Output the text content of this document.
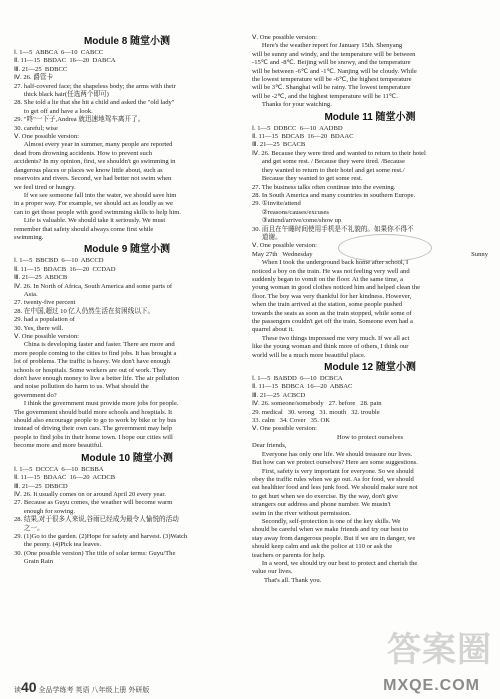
Module 8 随堂小测

Ⅰ. 1—5  ABBCA  6—10  CABCC

Ⅱ. 11—15  BBDAC  16—20  DABCA

Ⅲ. 21—25  BDBCC

Ⅳ. 26. 爵管卡

27. half-covered face; the shapeless body; the arms with their

thick black hair(任选两个即可)

28. She told a lie that she hit a child and asked the "old lady"

to get off and have a look.

29. "咚"一下子,Andrea 就迅速地驾车离开了。

30. careful; wise

Ⅴ. One possible version:

Almost every year in summer, many people are reported

dead from drowning accidents. How to prevent such

accidents? In my opinion, first, we shouldn't go swimming in

dangerous places or places we know little about, such as

reservoirs and rivers. Second, we had better not swim when

we feel tired or hungry.

If we see someone fall into the water, we should save him

in a proper way. For example, we should act as loudly as we

can to get those people with good swimming skills to help him.

Life is valuable. We should take it seriously. We must

remember that safety should always come first while

swimming.

Module 9 随堂小测

Ⅰ. 1—5  BBCBD  6—10  ABCCD

Ⅱ. 11—15  BDACB  16—20  CCDAD

Ⅲ. 21—25  ABDCB

Ⅳ. 26. In North of Africa, South America and some parts of

Asia.

27. twenty-five percent

28. 在中国,超过 10 亿人仍然生活在贫困线以下。

29. had a population of

30. Yes, there will.

Ⅴ. One possible version:

China is developing faster and faster. There are more and

more people coming to the cities to find jobs. It has brought a

lot of problems. The traffic is heavy. We don't have enough

schools or hospitals. Some workers are out of work. They

don't have enough money to live a better life. The air pollution

and noise pollution do harm to us. What should the

government do?

I think the government must provide more jobs for people.

The government should build more schools and hospitals. It

should also encourage people to go to work by bike or by bus

instead of driving their own cars. The government may help

people to find jobs in their home town. I hope our cities will

become more and more beautiful.

Module 10 随堂小测

Ⅰ. 1—5  DCCCA  6—10  BCBBA

Ⅱ. 11—15  BDAAC  16—20  ACDCB

Ⅲ. 21—25  DBBCD

Ⅳ. 26. It usually comes on or around April 20 every year.

27. Because as Guyu comes, the weather will become warm

enough for sowing.

28. 结果,对于很多人来说,谷雨已经成为最令人愉悦的活动

之一。

29. (1)Go to the garden. (2)Hope for safety and harvest. (3)Watch

the peony. (4)Pick tea leaves.

30. (One possible version) The title of solar terms: Guyu/The

Grain Rain

Ⅴ. One possible version:

Here's the weather report for January 15th. Shenyang

will be sunny and windy, and the temperature will be between

-15℃ and -8℃. Beijing will be snowy, and the temperature

will be between -6℃ and -1℃. Nanjing will be cloudy. While

the lowest temperature will be -6℃, the highest temperature

will be 3℃. Shanghai will be rainy. The lowest temperature

will be -2℃, and the highest temperature will be 11℃.

Thanks for your watching.

Module 11 随堂小测

Ⅰ. 1—5  DDBCC  6—10  AADBD

Ⅱ. 11—15  BDCAB  16—20  BDAAC

Ⅲ. 21—25  BCACB

Ⅳ. 26. Because they were tired and wanted to return to their hotel

and get some rest. / Because they were tired. /Because

they wanted to return to their hotel and get some rest./

Because they wanted to get some rest.

27. The business talks often continue into the evening.

28. In South America and many countries in southern Europe.

29. ①invite/attend

②reasons/causes/excuses

③attend/arrive/come/show up

30. 而且在午睡时间使用手机是不礼貌的。如果你不得不

道谢。

Sunny

Ⅴ. One possible version:

May 27th   Wednesday

When I took the underground back home after school, I

noticed a boy on the train. He was not feeling very well and

suddenly began to vomit on the floor. At the same time, a

young woman in good clothes noticed him and helped clean the

floor. The boy was very thankful for her kindness. However,

when the train arrived at the station, some people pushed

towards the seats as soon as the train stopped, while some of

the passengers couldn't get off the train. Someone even had a

quarrel about it.

These two things impressed me very much. If we all act

like the young woman and think more of others, I think our

world will be a much more beautiful place.

Module 12 随堂小测

Ⅰ. 1—5  BABDD  6—10  DCBCA

Ⅱ. 11—15  BDBCA  16—20  ABBAC

Ⅲ. 21—25  ACBCD

Ⅳ. 26. someone/somebody   27. before   28. pain

29. medical   30. wrong   31. mouth   32. trouble

33. calm   34. Cover   35. OK

Ⅴ. One possible version:

How to protect ourselves

Dear friends,

Everyone has only one life. We should treasure our lives.

But how can we protect ourselves? Here are some suggestions.

First, safety is very important for everyone. So we should

obey the traffic rules when we go out. As for food, we should

eat healthier food and less junk food. We should make sure not

to get hurt when we do exercise. By the way, don't give

strangers our address and phone number. We mustn't

swim in the river without permission.

Secondly, self-protection is one of the key skills. We

should be careful when we make friends and try our best to

stay away from dangerous people. But if we are in danger, we

should keep calm and ask the police at 110 or ask the

teachers or parents for help.

In a word, we should try our best to protect and cherish the

value our lives.

That's all. Thank you.

读40 全品学练考 英语 八年级上册 外研版
答案圈
MXQE.COM
